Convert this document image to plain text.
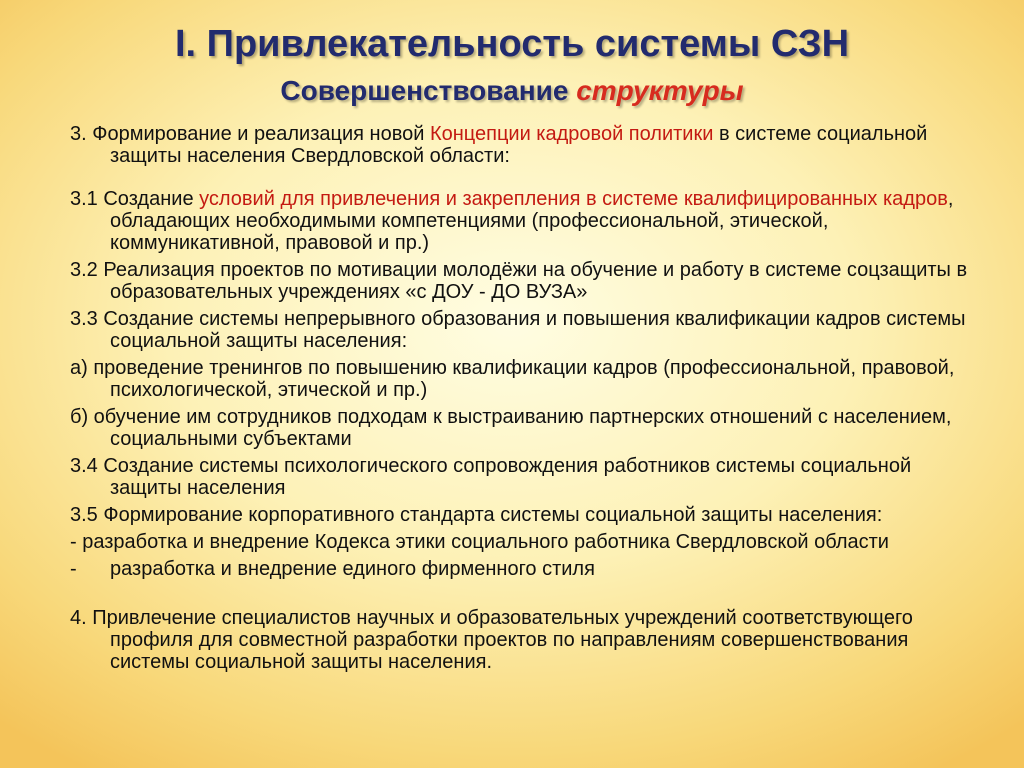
I. Привлекательность системы СЗН
Совершенствование структуры
3. Формирование и реализация новой Концепции кадровой политики в системе социальной защиты населения Свердловской области:
3.1 Создание условий для привлечения и закрепления в системе квалифицированных кадров, обладающих необходимыми компетенциями (профессиональной, этической, коммуникативной, правовой и пр.)
3.2 Реализация проектов по мотивации молодёжи на обучение и работу в системе соцзащиты в образовательных учреждениях «с ДОУ - ДО ВУЗА»
3.3 Создание системы непрерывного образования и повышения квалификации кадров системы социальной защиты населения:
а) проведение тренингов по повышению квалификации кадров (профессиональной, правовой, психологической, этической и пр.)
б) обучение им сотрудников подходам к выстраиванию партнерских отношений с населением, социальными субъектами
3.4 Создание системы психологического сопровождения работников системы социальной защиты населения
3.5 Формирование корпоративного стандарта системы социальной защиты населения:
- разработка и внедрение Кодекса этики социального работника Свердловской области
-	разработка и внедрение единого фирменного стиля
4. Привлечение специалистов научных и образовательных учреждений соответствующего профиля для совместной разработки проектов по направлениям совершенствования системы социальной защиты населения.
